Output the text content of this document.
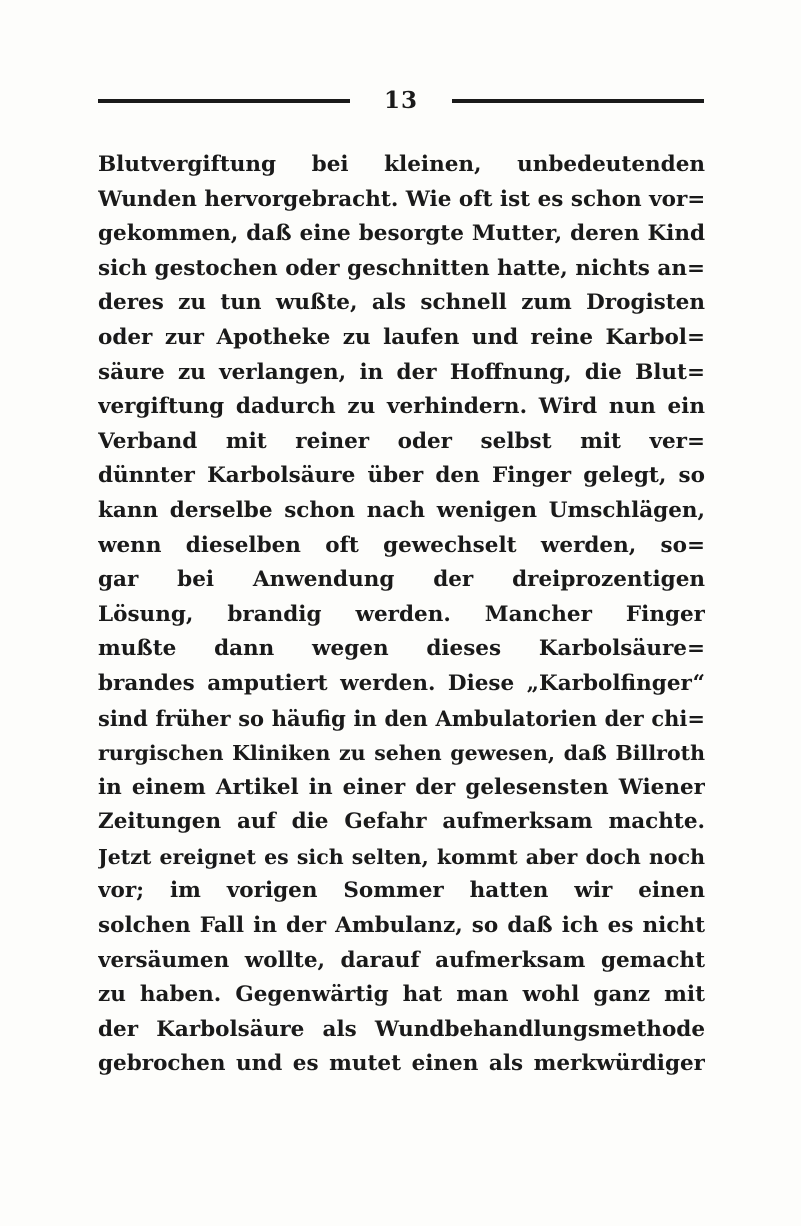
13
Blutvergiftung bei kleinen, unbedeutenden
Wunden hervorgebracht. Wie oft ist es schon vor=
gekommen, daß eine besorgte Mutter, deren Kind
sich gestochen oder geschnitten hatte, nichts an=
deres zu tun wußte, als schnell zum Drogisten
oder zur Apotheke zu laufen und reine Karbol=
säure zu verlangen, in der Hoffnung, die Blut=
vergiftung dadurch zu verhindern. Wird nun ein
Verband mit reiner oder selbst mit ver=
dünnter Karbolsäure über den Finger gelegt, so
kann derselbe schon nach wenigen Umschlägen,
wenn dieselben oft gewechselt werden, so=
gar bei Anwendung der dreiprozentigen
Lösung, brandig werden. Mancher Finger
mußte dann wegen dieses Karbolsäure=
brandes amputiert werden. Diese „Karbolfinger“
sind früher so häufig in den Ambulatorien der chi=
rurgischen Kliniken zu sehen gewesen, daß Billroth
in einem Artikel in einer der gelesensten Wiener
Zeitungen auf die Gefahr aufmerksam machte.
Jetzt ereignet es sich selten, kommt aber doch noch
vor; im vorigen Sommer hatten wir einen
solchen Fall in der Ambulanz, so daß ich es nicht
versäumen wollte, darauf aufmerksam gemacht
zu haben. Gegenwärtig hat man wohl ganz mit
der Karbolsäure als Wundbehandlungsmethode
gebrochen und es mutet einen als merkwürdiger
